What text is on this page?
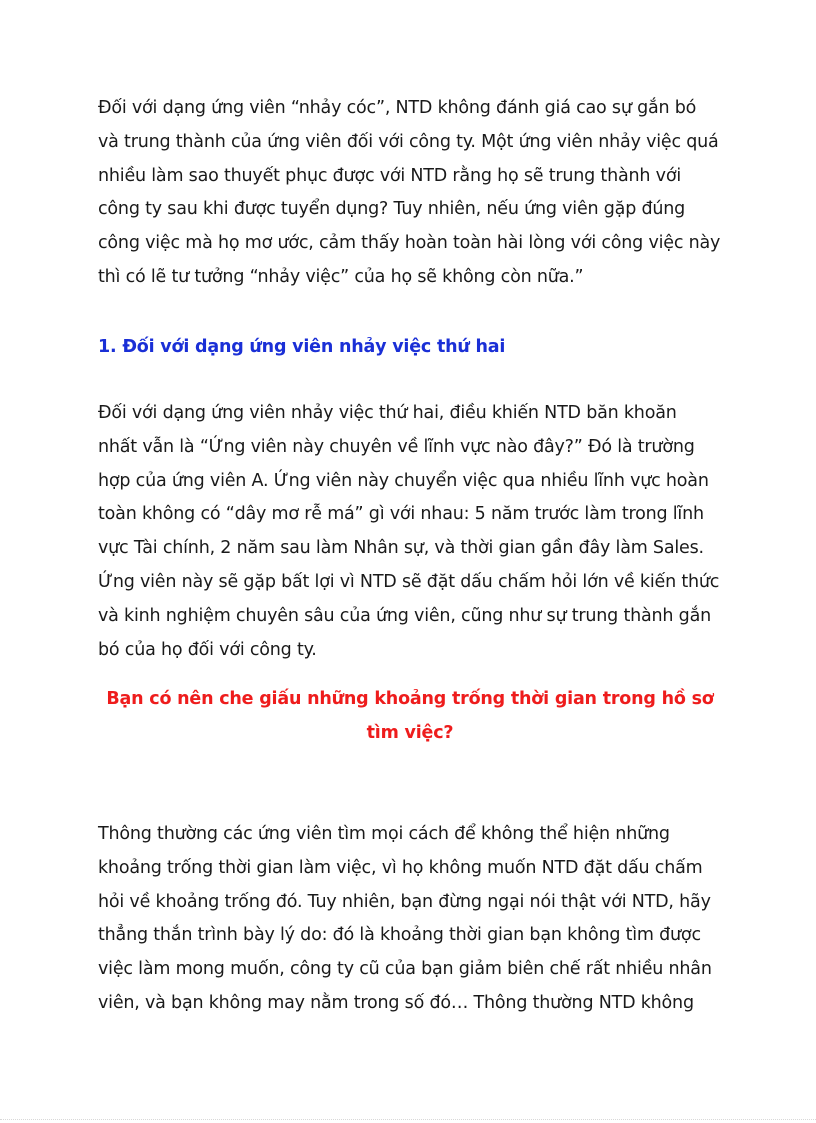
Đối với dạng ứng viên “nhảy cóc”, NTD không đánh giá cao sự gắn bó
và trung thành của ứng viên đối với công ty. Một ứng viên nhảy việc quá
nhiều làm sao thuyết phục được với NTD rằng họ sẽ trung thành với
công ty sau khi được tuyển dụng? Tuy nhiên, nếu ứng viên gặp đúng
công việc mà họ mơ ước, cảm thấy hoàn toàn hài lòng với công việc này
thì có lẽ tư tưởng “nhảy việc” của họ sẽ không còn nữa.”

1. Đối với dạng ứng viên nhảy việc thứ hai

Đối với dạng ứng viên nhảy việc thứ hai, điều khiến NTD băn khoăn
nhất vẫn là “Ứng viên này chuyên về lĩnh vực nào đây?” Đó là trường
hợp của ứng viên A. Ứng viên này chuyển việc qua nhiều lĩnh vực hoàn
toàn không có “dây mơ rễ má” gì với nhau: 5 năm trước làm trong lĩnh
vực Tài chính, 2 năm sau làm Nhân sự, và thời gian gần đây làm Sales.
Ứng viên này sẽ gặp bất lợi vì NTD sẽ đặt dấu chấm hỏi lớn về kiến thức
và kinh nghiệm chuyên sâu của ứng viên, cũng như sự trung thành gắn
bó của họ đối với công ty.

Bạn có nên che giấu những khoảng trống thời gian trong hồ sơ
tìm việc?

Thông thường các ứng viên tìm mọi cách để không thể hiện những
khoảng trống thời gian làm việc, vì họ không muốn NTD đặt dấu chấm
hỏi về khoảng trống đó. Tuy nhiên, bạn đừng ngại nói thật với NTD, hãy
thẳng thắn trình bày lý do: đó là khoảng thời gian bạn không tìm được
việc làm mong muốn, công ty cũ của bạn giảm biên chế rất nhiều nhân
viên, và bạn không may nằm trong số đó… Thông thường NTD không
